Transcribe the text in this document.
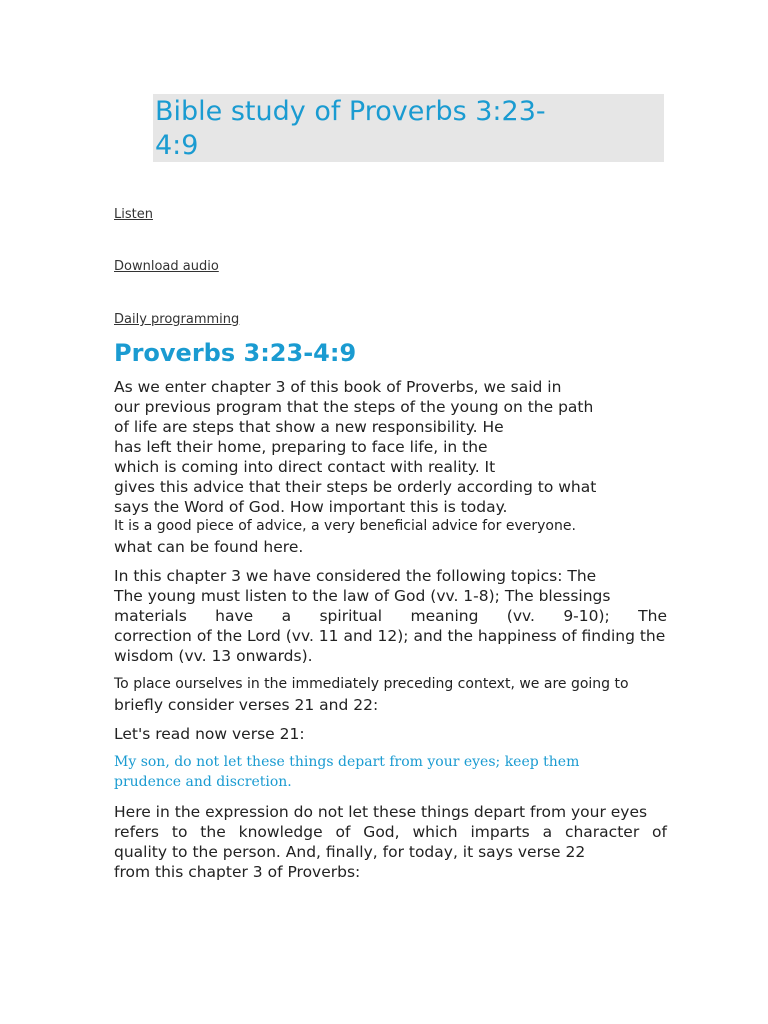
Bible study of Proverbs 3:23-
4:9
Listen
Download audio
Daily programming
Proverbs 3:23-4:9
As we enter chapter 3 of this book of Proverbs, we said in
our previous program that the steps of the young on the path
of life are steps that show a new responsibility. He
has left their home, preparing to face life, in the
which is coming into direct contact with reality. It
gives this advice that their steps be orderly according to what
says the Word of God. How important this is today.
It is a good piece of advice, a very beneficial advice for everyone.
what can be found here.
In this chapter 3 we have considered the following topics: The
The young must listen to the law of God (vv. 1-8); The blessings
materials have a spiritual meaning (vv. 9-10); The
correction of the Lord (vv. 11 and 12); and the happiness of finding the
wisdom (vv. 13 onwards).
To place ourselves in the immediately preceding context, we are going to
briefly consider verses 21 and 22:
Let's read now verse 21:
My son, do not let these things depart from your eyes; keep them
prudence and discretion.
Here in the expression do not let these things depart from your eyes
refers to the knowledge of God, which imparts a character of
quality to the person. And, finally, for today, it says verse 22
from this chapter 3 of Proverbs:
